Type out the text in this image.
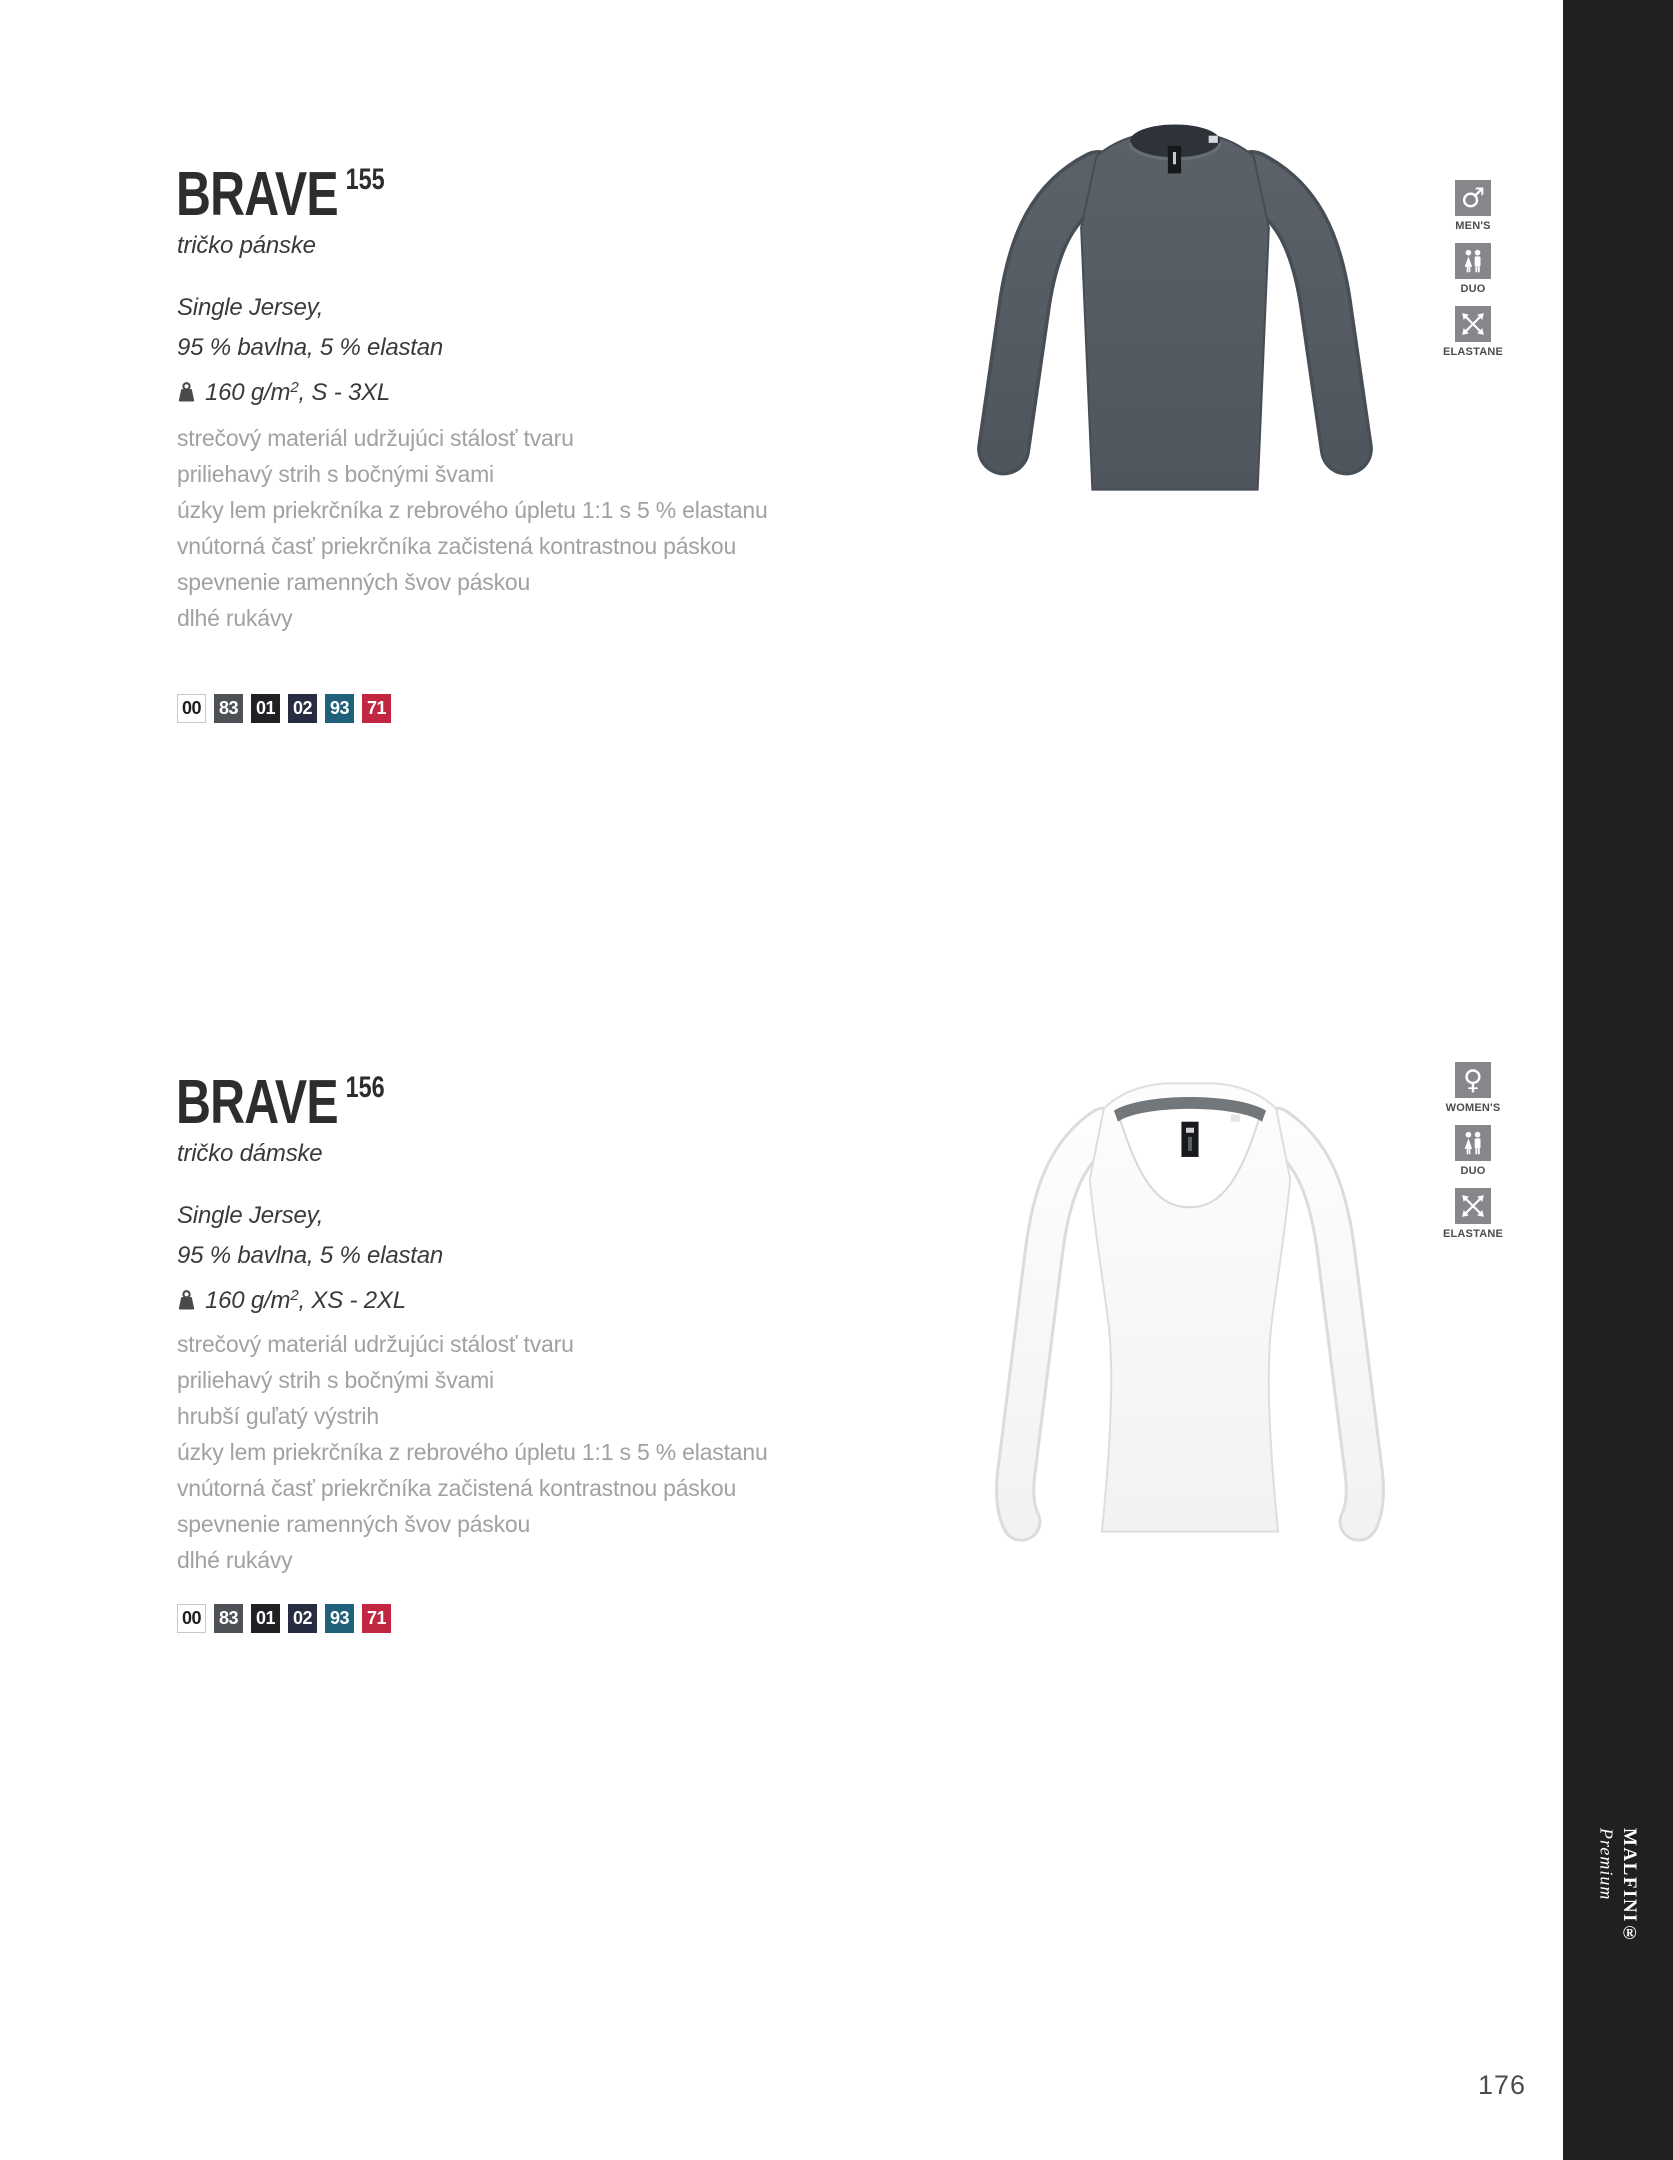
BRAVE $^{155}$
tričko pánske
Single Jersey,
95 % bavlna, 5 % elastan
160 $g/m^2$, S - 3XL
strečový materiál udržujúci stálosť tvaru
priliehavý strih s bočnými švami
úzky lem priekrčníka z rebrového úpletu 1:1 s 5 % elastanu
vnútorná časť priekrčníka začistená kontrastnou páskou
spevnenie ramenných švov páskou
dlhé rukávy
00 83 01 02 93 71
♂
MEN'S
DUO
ELASTANE
BRAVE $^{156}$
tričko dámske
Single Jersey,
95 % bavlna, 5 % elastan
160 $g/m^2$, XS - 2XL
strečový materiál udržujúci stálosť tvaru
priliehavý strih s bočnými švami
hrubší guľatý výstrih
úzky lem priekrčníka z rebrového úpletu 1:1 s 5 % elastanu
vnútorná časť priekrčníka začistená kontrastnou páskou
spevnenie ramenných švov páskou
dlhé rukávy
00 83 01 02 93 71
♀
WOMEN'S
DUO
ELASTANE
MALFINI®
Premium
176
